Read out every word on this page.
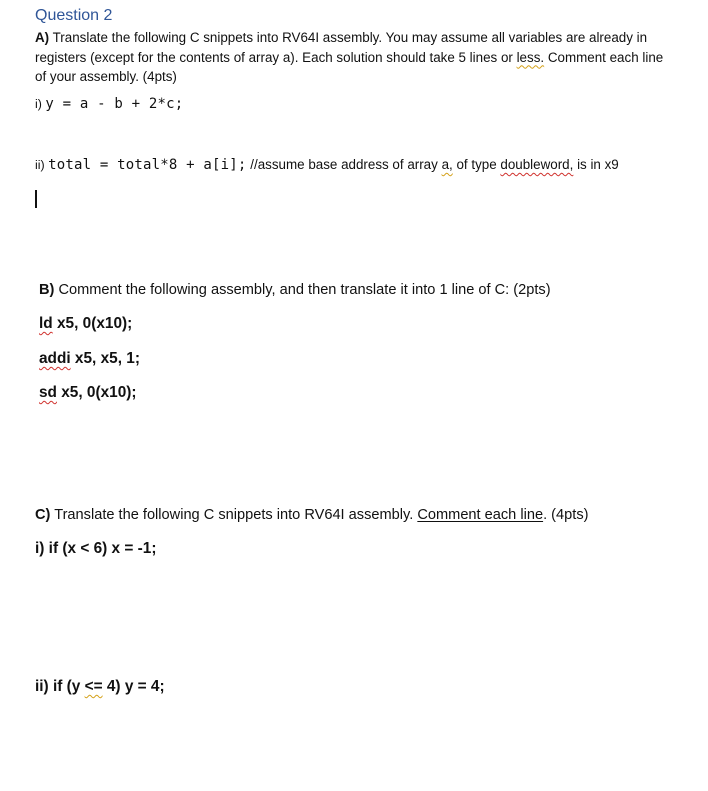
Question 2
A) Translate the following C snippets into RV64I assembly. You may assume all variables are already in registers (except for the contents of array a). Each solution should take 5 lines or less. Comment each line of your assembly. (4pts)
i) y = a - b + 2*c;
ii) total = total*8 + a[i]; //assume base address of array a, of type doubleword, is in x9
B) Comment the following assembly, and then translate it into 1 line of C: (2pts)
ld x5, 0(x10);
addi x5, x5, 1;
sd x5, 0(x10);
C) Translate the following C snippets into RV64I assembly. Comment each line. (4pts)
i) if (x < 6) x = -1;
ii) if (y <= 4) y = 4;
